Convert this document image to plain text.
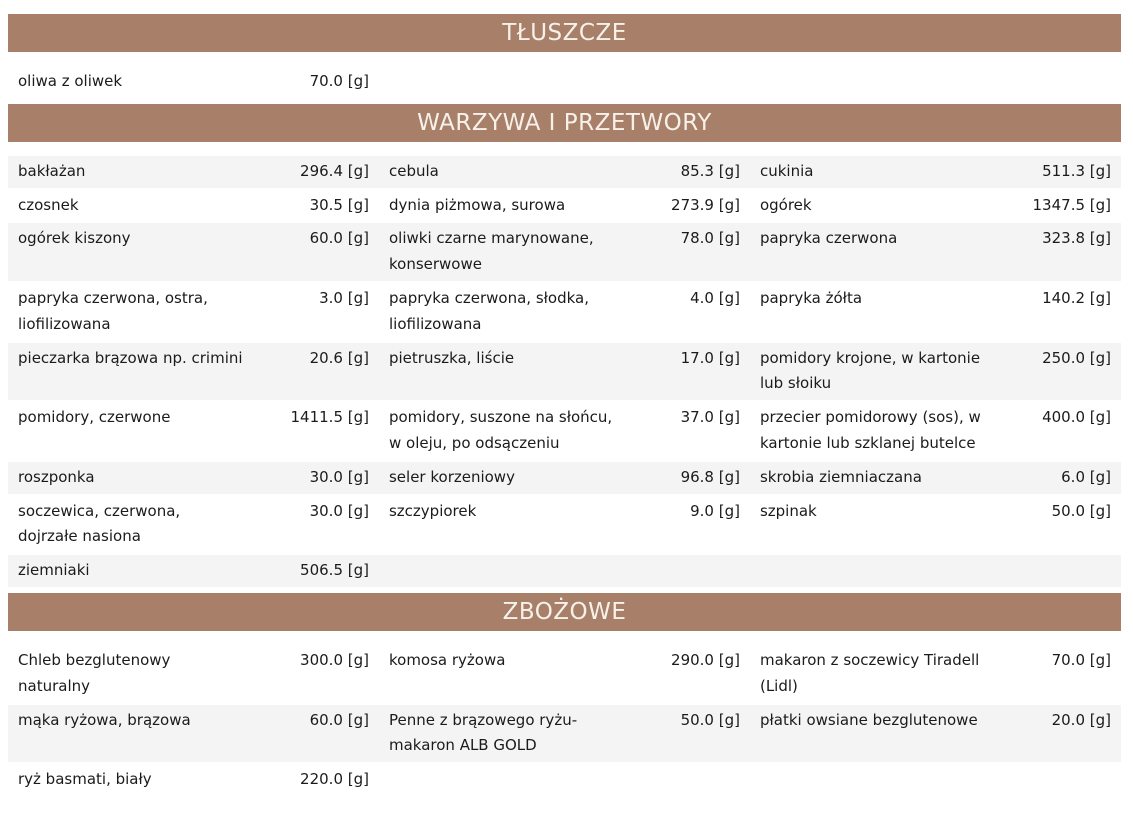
TŁUSZCZE
oliwa z oliwek	70.0 [g]				
WARZYWA I PRZETWORY
bakłażan	296.4 [g]	cebula	85.3 [g]	cukinia	511.3 [g]
czosnek	30.5 [g]	dynia piżmowa, surowa	273.9 [g]	ogórek	1347.5 [g]
ogórek kiszony	60.0 [g]	oliwki czarne marynowane, konserwowe	78.0 [g]	papryka czerwona	323.8 [g]
papryka czerwona, ostra, liofilizowana	3.0 [g]	papryka czerwona, słodka, liofilizowana	4.0 [g]	papryka żółta	140.2 [g]
pieczarka brązowa np. crimini	20.6 [g]	pietruszka, liście	17.0 [g]	pomidory krojone, w kartonie lub słoiku	250.0 [g]
pomidory, czerwone	1411.5 [g]	pomidory, suszone na słońcu, w oleju, po odsączeniu	37.0 [g]	przecier pomidorowy (sos), w kartonie lub szklanej butelce	400.0 [g]
roszponka	30.0 [g]	seler korzeniowy	96.8 [g]	skrobia ziemniaczana	6.0 [g]
soczewica, czerwona, dojrzałe nasiona	30.0 [g]	szczypiorek	9.0 [g]	szpinak	50.0 [g]
ziemniaki	506.5 [g]				
ZBOŻOWE
Chleb bezglutenowy naturalny	300.0 [g]	komosa ryżowa	290.0 [g]	makaron z soczewicy Tiradell (Lidl)	70.0 [g]
mąka ryżowa, brązowa	60.0 [g]	Penne z brązowego ryżu-makaron ALB GOLD	50.0 [g]	płatki owsiane bezglutenowe	20.0 [g]
ryż basmati, biały	220.0 [g]				
